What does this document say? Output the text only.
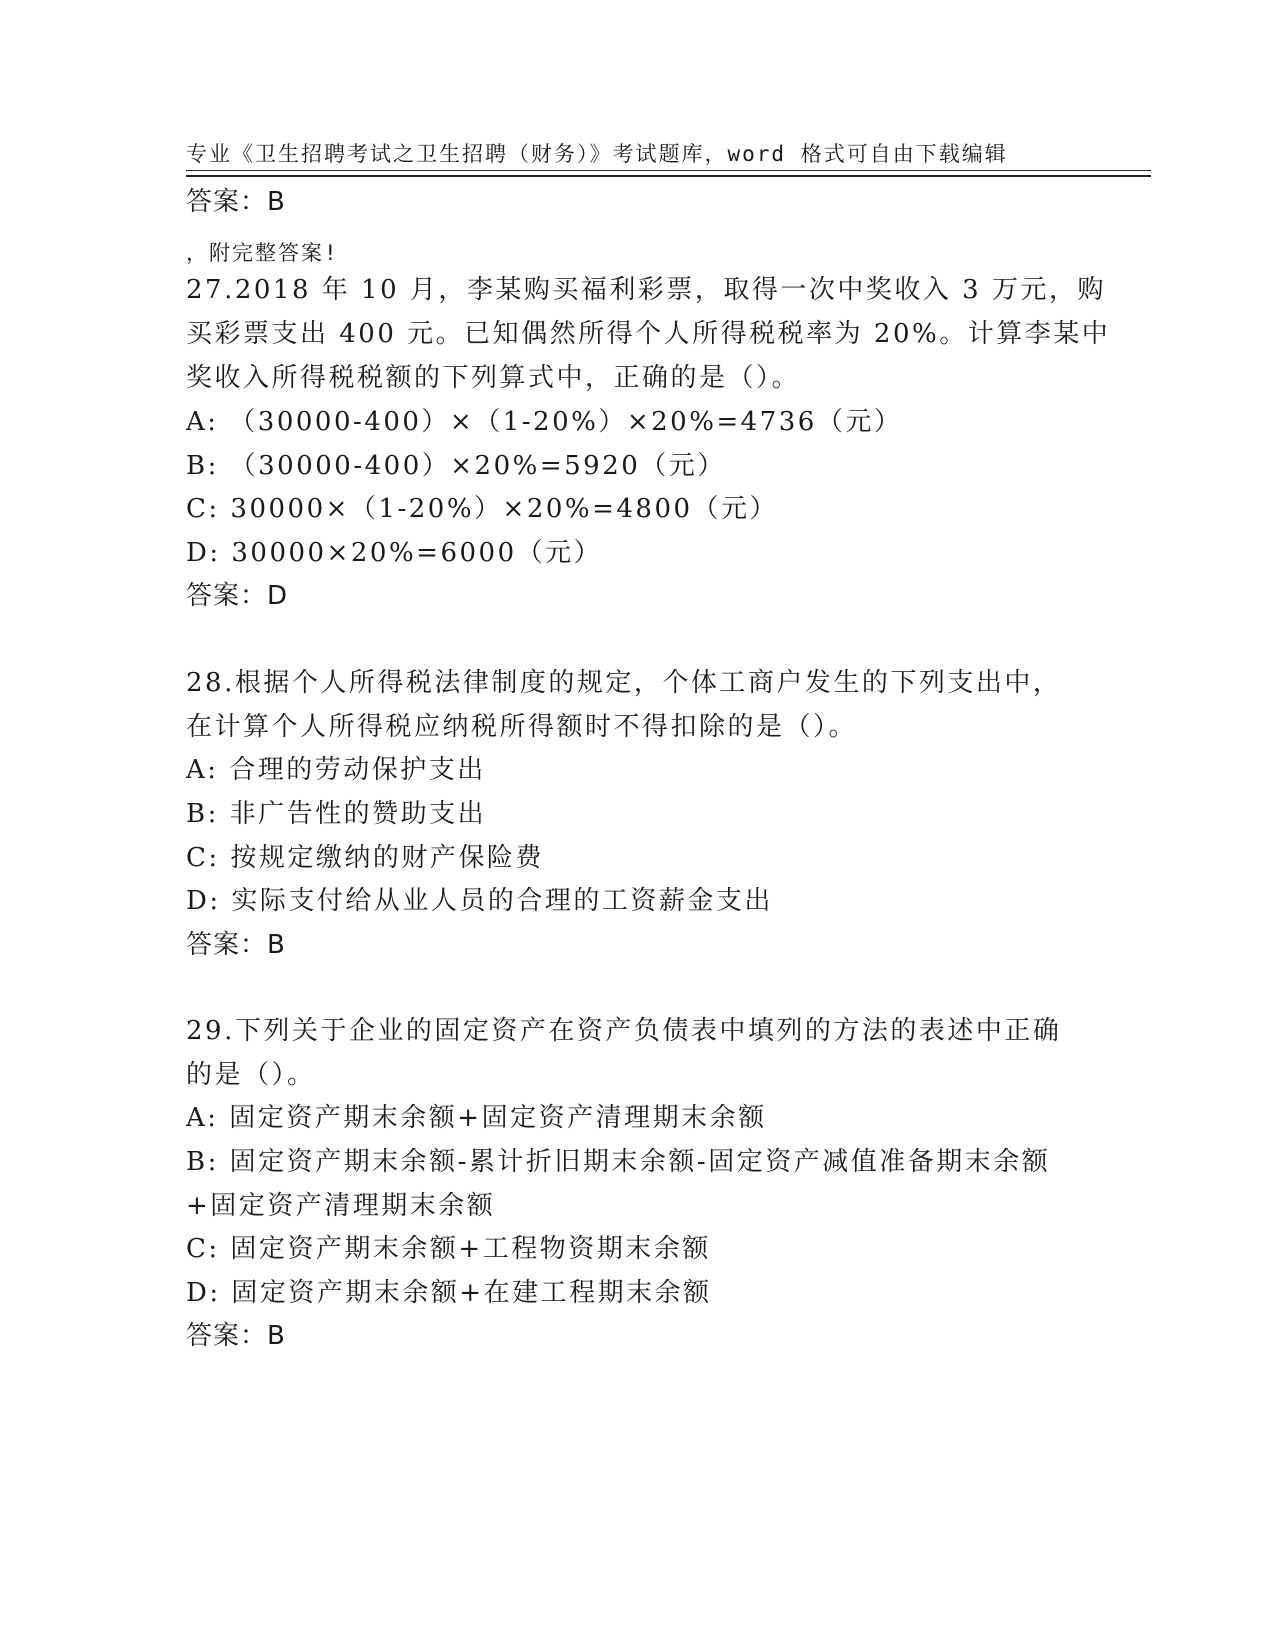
专业《卫生招聘考试之卫生招聘（财务）》考试题库，word 格式可自由下载编辑

，附完整答案!

答案：B
27.2018 年 10 月，李某购买福利彩票，取得一次中奖收入 3 万元，购
买彩票支出 400 元。已知偶然所得个人所得税税率为 20%。计算李某中
奖收入所得税税额的下列算式中，正确的是（）。
A: （30000-400）×（1-20%）×20%=4736（元）
B: （30000-400）×20%=5920（元）
C: 30000×（1-20%）×20%=4800（元）
D: 30000×20%=6000（元）
答案：D
28.根据个人所得税法律制度的规定，个体工商户发生的下列支出中，
在计算个人所得税应纳税所得额时不得扣除的是（）。
A: 合理的劳动保护支出
B: 非广告性的赞助支出
C: 按规定缴纳的财产保险费
D: 实际支付给从业人员的合理的工资薪金支出
答案：B
29.下列关于企业的固定资产在资产负债表中填列的方法的表述中正确
的是（）。
A: 固定资产期末余额+固定资产清理期末余额
B: 固定资产期末余额-累计折旧期末余额-固定资产减值准备期末余额
+固定资产清理期末余额
C: 固定资产期末余额+工程物资期末余额
D: 固定资产期末余额+在建工程期末余额
答案：B
